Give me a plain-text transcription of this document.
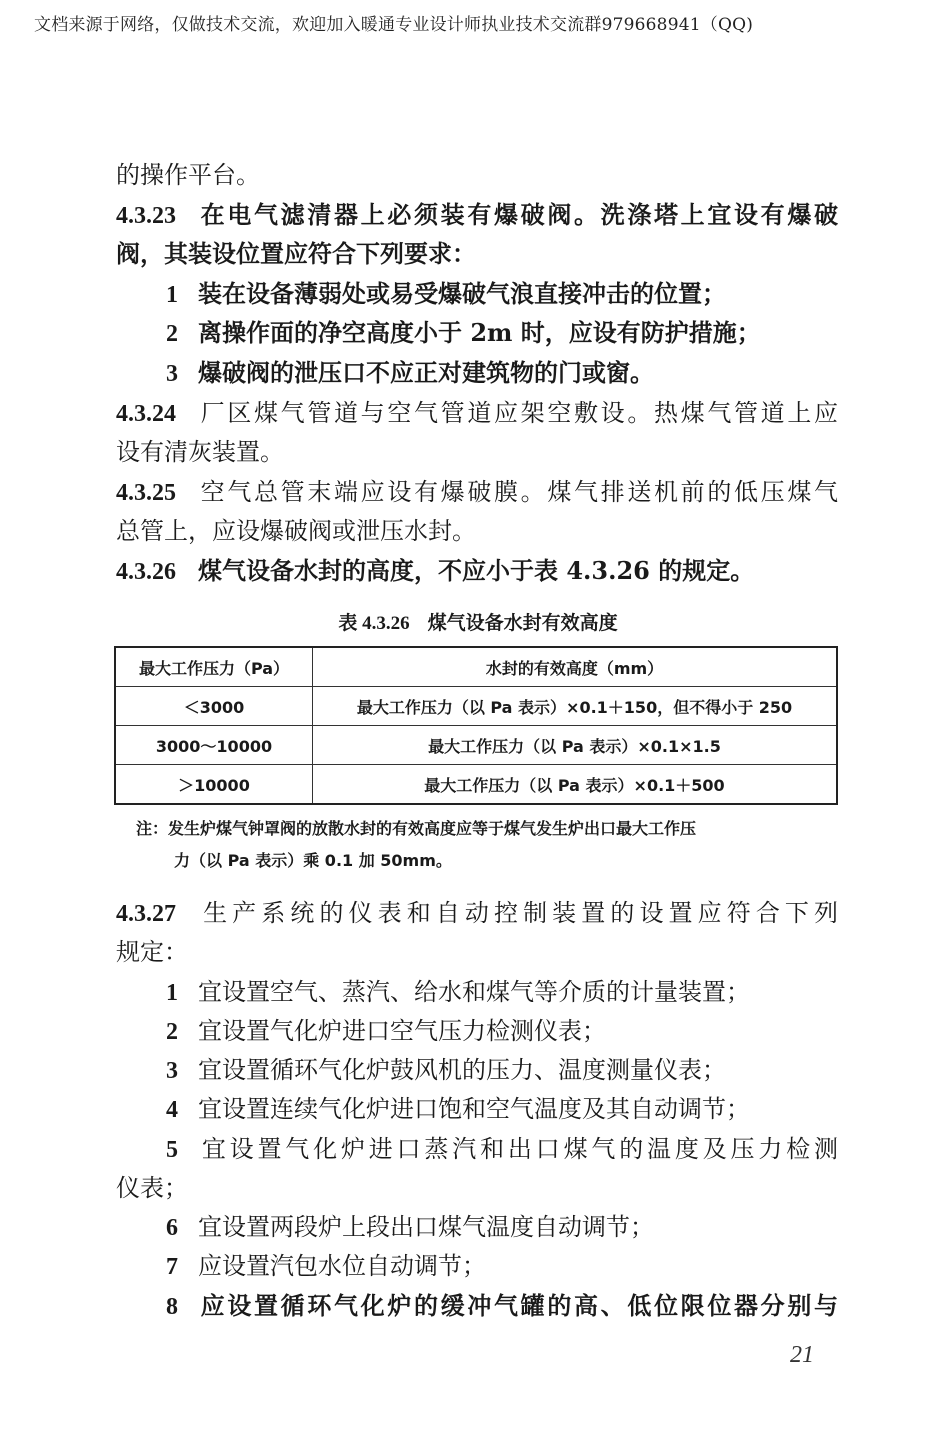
文档来源于网络，仅做技术交流，欢迎加入暖通专业设计师执业技术交流群979668941（QQ)
的操作平台。
4.3.23 在电气滤清器上必须装有爆破阀。洗涤塔上宜设有爆破
阀，其装设位置应符合下列要求：
1 装在设备薄弱处或易受爆破气浪直接冲击的位置；
2 离操作面的净空高度小于 2m 时，应设有防护措施；
3 爆破阀的泄压口不应正对建筑物的门或窗。
4.3.24 厂区煤气管道与空气管道应架空敷设。热煤气管道上应
设有清灰装置。
4.3.25 空气总管末端应设有爆破膜。煤气排送机前的低压煤气
总管上，应设爆破阀或泄压水封。
4.3.26 煤气设备水封的高度，不应小于表 4.3.26 的规定。
表 4.3.26 煤气设备水封有效高度
最大工作压力（Pa）	水封的有效高度（mm）
＜3000	最大工作压力（以 Pa 表示）×0.1＋150，但不得小于 250
3000～10000	最大工作压力（以 Pa 表示）×0.1×1.5
＞10000	最大工作压力（以 Pa 表示）×0.1＋500
注：发生炉煤气钟罩阀的放散水封的有效高度应等于煤气发生炉出口最大工作压
力（以 Pa 表示）乘 0.1 加 50mm。
4.3.27 生产系统的仪表和自动控制装置的设置应符合下列
规定：
1 宜设置空气、蒸汽、给水和煤气等介质的计量装置；
2 宜设置气化炉进口空气压力检测仪表；
3 宜设置循环气化炉鼓风机的压力、温度测量仪表；
4 宜设置连续气化炉进口饱和空气温度及其自动调节；
5 宜设置气化炉进口蒸汽和出口煤气的温度及压力检测
仪表；
6 宜设置两段炉上段出口煤气温度自动调节；
7 应设置汽包水位自动调节；
8 应设置循环气化炉的缓冲气罐的高、低位限位器分别与
21
